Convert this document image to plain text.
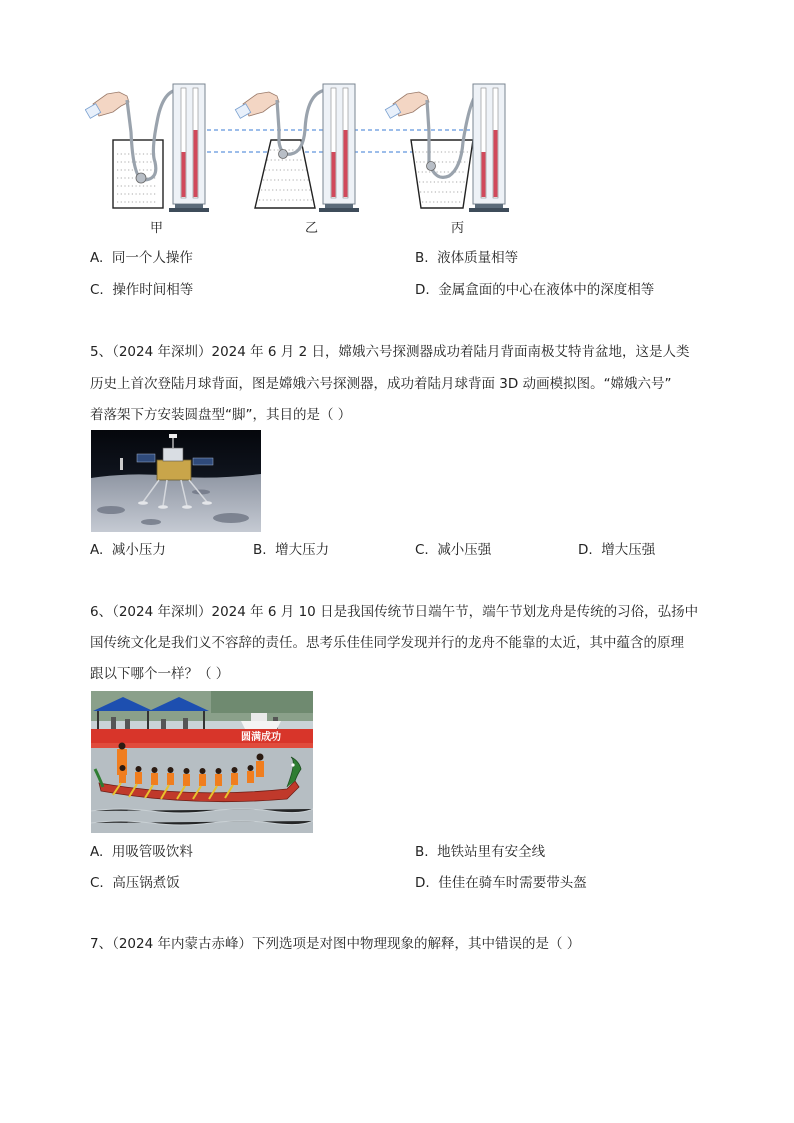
甲	乙	丙
A. 同一个人操作	B. 液体质量相等
C. 操作时间相等	D. 金属盒面的中心在液体中的深度相等
5、（2024 年深圳）2024 年 6 月 2 日，嫦娥六号探测器成功着陆月背面南极艾特肯盆地，这是人类
历史上首次登陆月球背面，图是嫦娥六号探测器，成功着陆月球背面 3D 动画模拟图。“嫦娥六号”
着落架下方安装圆盘型“脚”，其目的是（ ）
A. 减小压力	B. 增大压力	C. 减小压强	D. 增大压强
6、（2024 年深圳）2024 年 6 月 10 日是我国传统节日端午节，端午节划龙舟是传统的习俗，弘扬中
国传统文化是我们义不容辞的责任。思考乐佳佳同学发现并行的龙舟不能靠的太近，其中蕴含的原理
跟以下哪个一样？（ ）
圆满成功
A. 用吸管吸饮料	B. 地铁站里有安全线
C. 高压锅煮饭	D. 佳佳在骑车时需要带头盔
7、（2024 年内蒙古赤峰）下列选项是对图中物理现象的解释，其中错误的是（ ）
